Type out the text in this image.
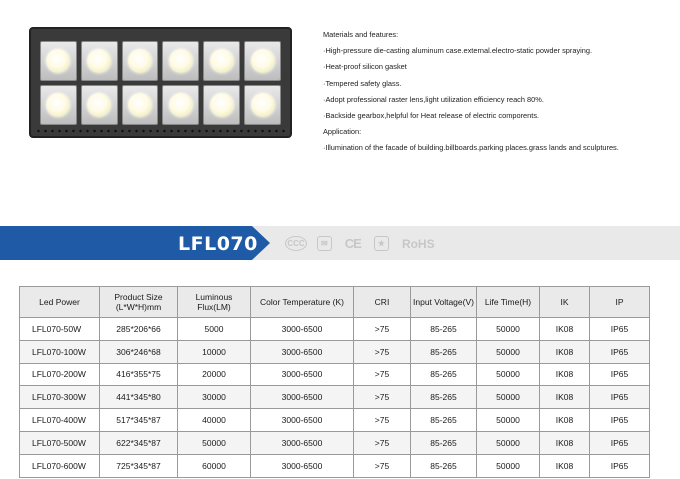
Materials and features:
·High-pressure die-casting aluminum case.external.electro-static powder spraying.
·Heat-proof silicon gasket
·Tempered safety glass.
·Adopt professional raster lens,light utilization efficiency reach 80%.
·Backside gearbox,helpful for Heat release of electric comporents.
Application:
·Illumination of the facade of building.billboards.parking places.grass lands and sculptures.
LFL070	CCC	✉	CE	★	RoHS
Led Power	Product Size (L*W*H)mm	Luminous Flux(LM)	Color Temperature (K)	CRI	Input Voltage(V)	Life Time(H)	IK	IP
LFL070-50W	285*206*66	5000	3000-6500	>75	85-265	50000	IK08	IP65
LFL070-100W	306*246*68	10000	3000-6500	>75	85-265	50000	IK08	IP65
LFL070-200W	416*355*75	20000	3000-6500	>75	85-265	50000	IK08	IP65
LFL070-300W	441*345*80	30000	3000-6500	>75	85-265	50000	IK08	IP65
LFL070-400W	517*345*87	40000	3000-6500	>75	85-265	50000	IK08	IP65
LFL070-500W	622*345*87	50000	3000-6500	>75	85-265	50000	IK08	IP65
LFL070-600W	725*345*87	60000	3000-6500	>75	85-265	50000	IK08	IP65
